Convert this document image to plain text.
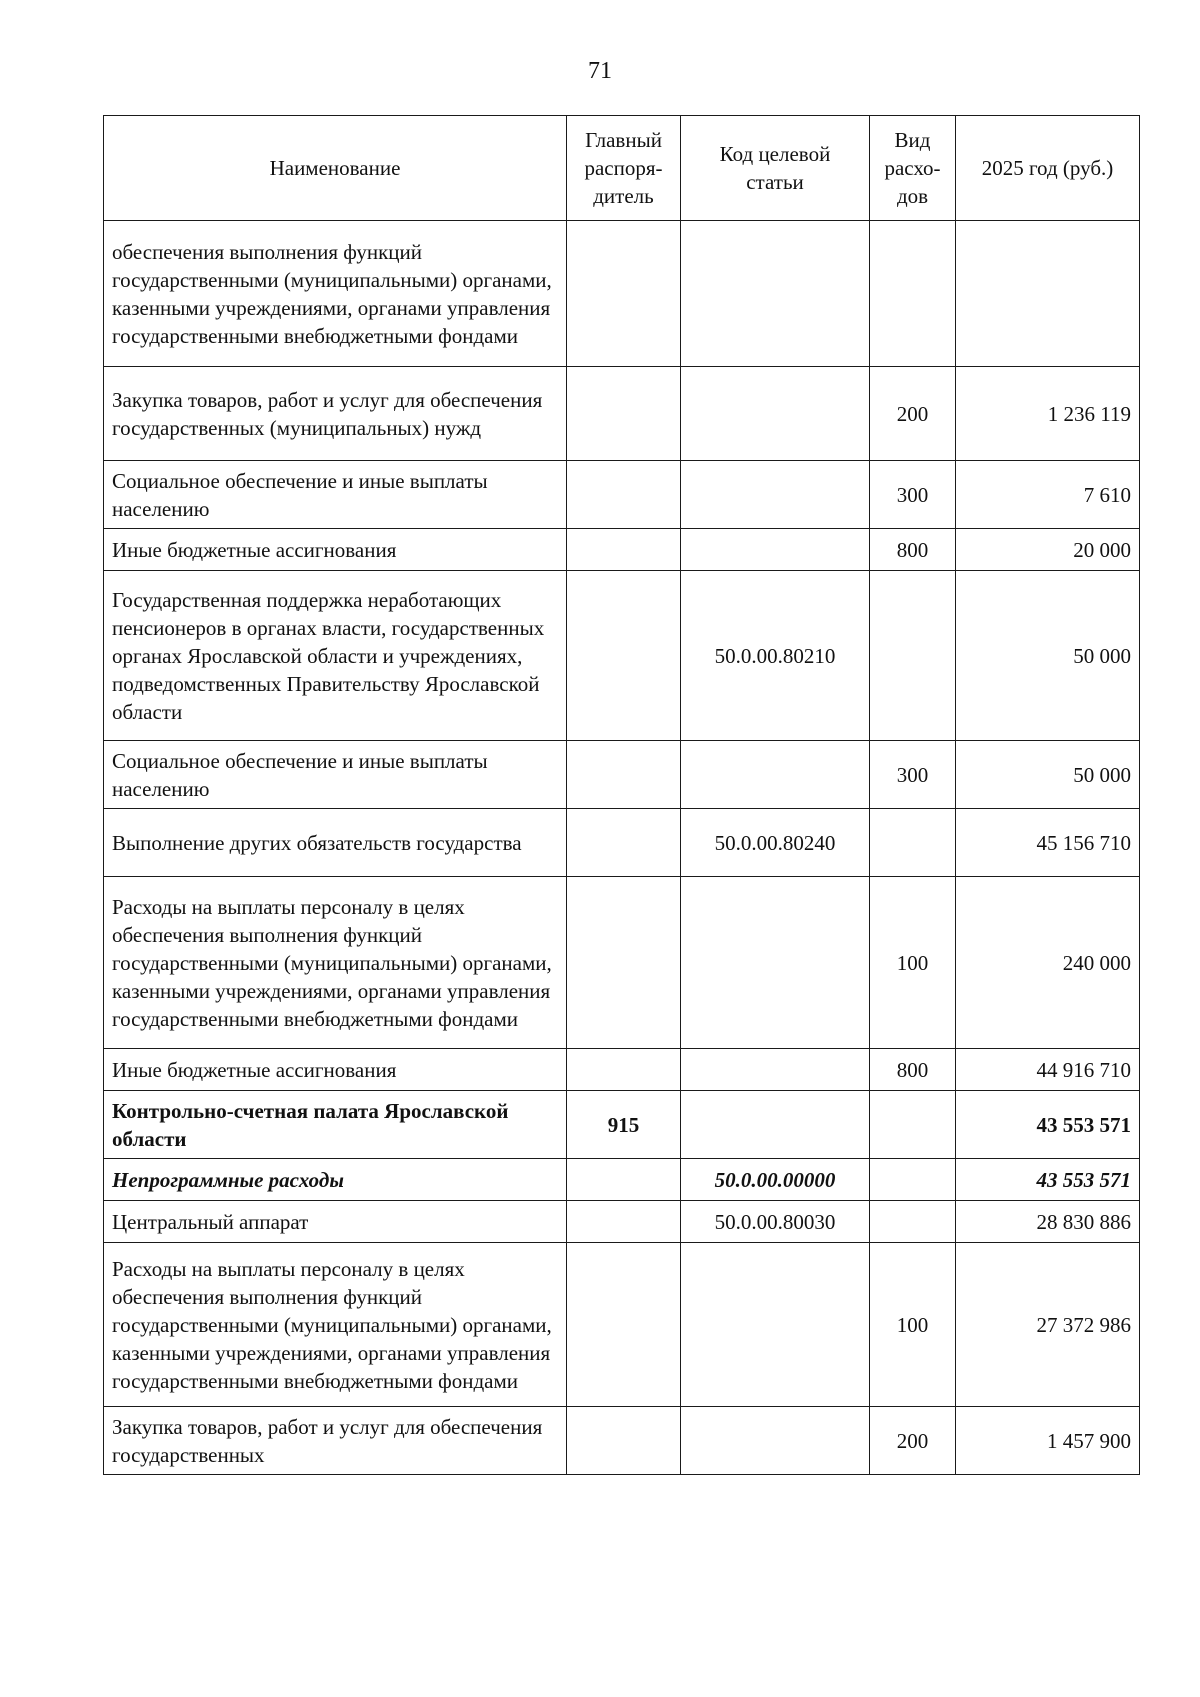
71
Наименование	Главный распоря-дитель	Код целевой статьи	Вид расхо-дов	2025 год (руб.)
обеспечения выполнения функций государственными (муниципальными) органами, казенными учреждениями, органами управления государственными внебюджетными фондами				
Закупка товаров, работ и услуг для обеспечения государственных (муниципальных) нужд			200	1 236 119
Социальное обеспечение и иные выплаты населению			300	7 610
Иные бюджетные ассигнования			800	20 000
Государственная поддержка неработающих пенсионеров в органах власти, государственных органах Ярославской области и учреждениях, подведомственных Правительству Ярославской области		50.0.00.80210		50 000
Социальное обеспечение и иные выплаты населению			300	50 000
Выполнение других обязательств государства		50.0.00.80240		45 156 710
Расходы на выплаты персоналу в целях обеспечения выполнения функций государственными (муниципальными) органами, казенными учреждениями, органами управления государственными внебюджетными фондами			100	240 000
Иные бюджетные ассигнования			800	44 916 710
Контрольно-счетная палата Ярославской области	915			43 553 571
Непрограммные расходы		50.0.00.00000		43 553 571
Центральный аппарат		50.0.00.80030		28 830 886
Расходы на выплаты персоналу в целях обеспечения выполнения функций государственными (муниципальными) органами, казенными учреждениями, органами управления государственными внебюджетными фондами			100	27 372 986
Закупка товаров, работ и услуг для обеспечения государственных			200	1 457 900
